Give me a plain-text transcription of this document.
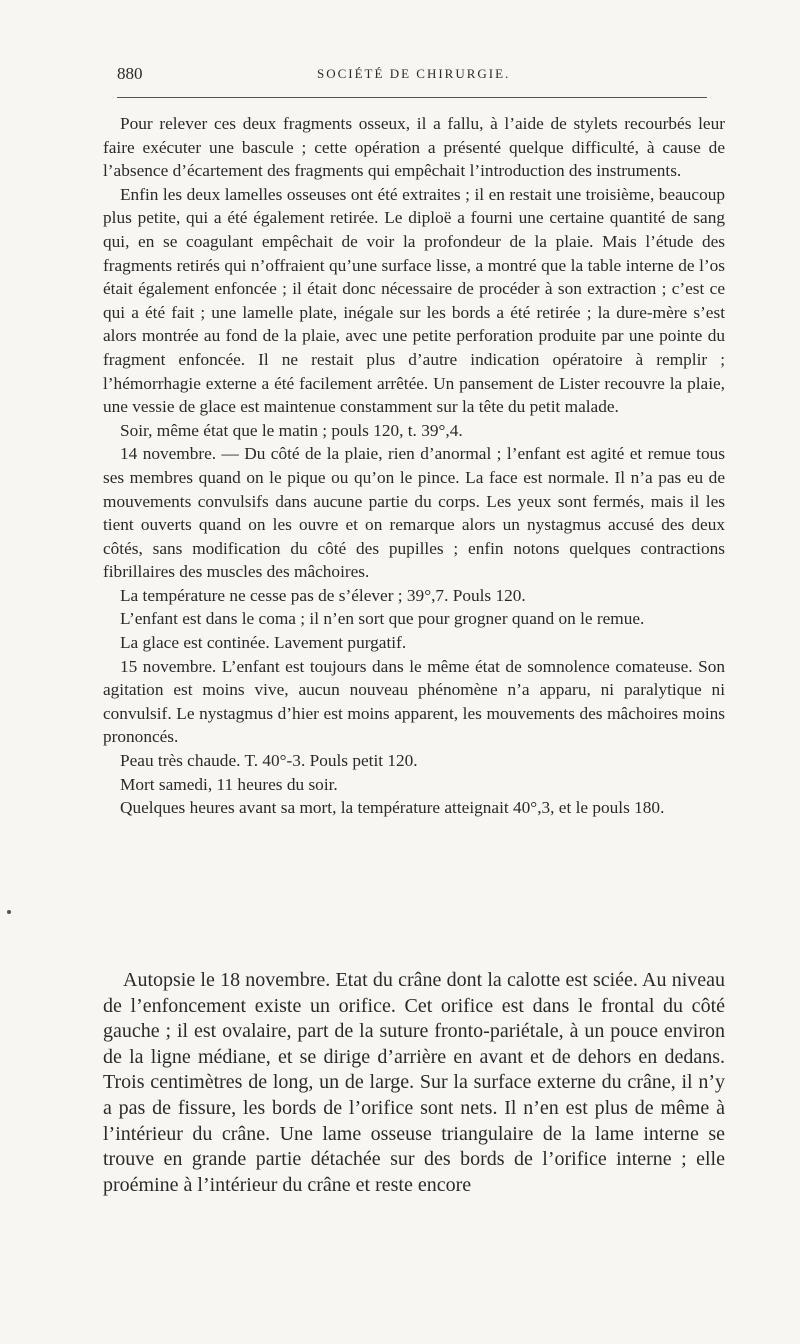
880	SOCIÉTÉ DE CHIRURGIE.

Pour relever ces deux fragments osseux, il a fallu, à l’aide de stylets recourbés leur faire exécuter une bascule ; cette opération a présenté quelque difficulté, à cause de l’absence d’écartement des fragments qui empêchait l’introduction des instruments.

Enfin les deux lamelles osseuses ont été extraites ; il en restait une troisième, beaucoup plus petite, qui a été également retirée. Le diploë a fourni une certaine quantité de sang qui, en se coagulant empêchait de voir la profondeur de la plaie. Mais l’étude des fragments retirés qui n’offraient qu’une surface lisse, a montré que la table interne de l’os était également enfoncée ; il était donc nécessaire de procéder à son extraction ; c’est ce qui a été fait ; une lamelle plate, inégale sur les bords a été retirée ; la dure-mère s’est alors montrée au fond de la plaie, avec une petite perforation produite par une pointe du fragment enfoncée. Il ne restait plus d’autre indication opératoire à remplir ; l’hémorrhagie externe a été facilement arrêtée. Un pansement de Lister recouvre la plaie, une vessie de glace est maintenue constamment sur la tête du petit malade.

Soir, même état que le matin ; pouls 120, t. 39°,4.

14 novembre. — Du côté de la plaie, rien d’anormal ; l’enfant est agité et remue tous ses membres quand on le pique ou qu’on le pince. La face est normale. Il n’a pas eu de mouvements convulsifs dans aucune partie du corps. Les yeux sont fermés, mais il les tient ouverts quand on les ouvre et on remarque alors un nystagmus accusé des deux côtés, sans modification du côté des pupilles ; enfin notons quelques contractions fibrillaires des muscles des mâchoires.

La température ne cesse pas de s’élever ; 39°,7. Pouls 120.

L’enfant est dans le coma ; il n’en sort que pour grogner quand on le remue.

La glace est continée. Lavement purgatif.

15 novembre. L’enfant est toujours dans le même état de somnolence comateuse. Son agitation est moins vive, aucun nouveau phénomène n’a apparu, ni paralytique ni convulsif. Le nystagmus d’hier est moins apparent, les mouvements des mâchoires moins prononcés.

Peau très chaude. T. 40°-3. Pouls petit 120.

Mort samedi, 11 heures du soir.

Quelques heures avant sa mort, la température atteignait 40°,3, et le pouls 180.

Autopsie le 18 novembre. Etat du crâne dont la calotte est sciée. Au niveau de l’enfoncement existe un orifice. Cet orifice est dans le frontal du côté gauche ; il est ovalaire, part de la suture fronto-pariétale, à un pouce environ de la ligne médiane, et se dirige d’arrière en avant et de dehors en dedans. Trois centimètres de long, un de large. Sur la surface externe du crâne, il n’y a pas de fissure, les bords de l’orifice sont nets. Il n’en est plus de même à l’intérieur du crâne. Une lame osseuse triangulaire de la lame interne se trouve en grande partie détachée sur des bords de l’orifice interne ; elle proémine à l’intérieur du crâne et reste encore
